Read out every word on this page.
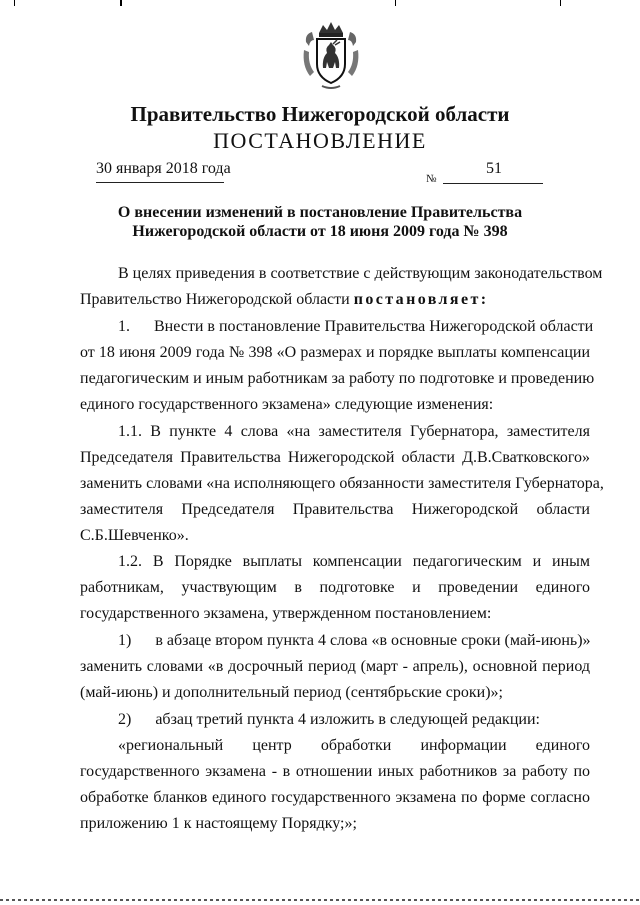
Правительство Нижегородской области
ПОСТАНОВЛЕНИЕ
30 января 2018 года
№
51
О внесении изменений в постановление Правительства
Нижегородской области от 18 июня 2009 года № 398
В целях приведения в соответствие с действующим законодательством
Правительство Нижегородской области постановляет:
1.      Внести в постановление Правительства Нижегородской области
от 18 июня 2009 года № 398 «О размерах и порядке выплаты компенсации
педагогическим и иным работникам за работу по подготовке и проведению
единого государственного экзамена» следующие изменения:
1.1. В пункте 4 слова «на заместителя Губернатора, заместителя
Председателя Правительства Нижегородской области Д.В.Сватковского»
заменить словами «на исполняющего обязанности заместителя Губернатора,
заместителя Председателя Правительства Нижегородской области
С.Б.Шевченко».
1.2. В Порядке выплаты компенсации педагогическим и иным
работникам, участвующим в подготовке и проведении единого
государственного экзамена, утвержденном постановлением:
1)      в абзаце втором пункта 4 слова «в основные сроки (май-июнь)»
заменить словами «в досрочный период (март - апрель), основной период
(май-июнь) и дополнительный период (сентябрьские сроки)»;
2)      абзац третий пункта 4 изложить в следующей редакции:
«региональный центр обработки информации единого
государственного экзамена - в отношении иных работников за работу по
обработке бланков единого государственного экзамена по форме согласно
приложению 1 к настоящему Порядку;»;
